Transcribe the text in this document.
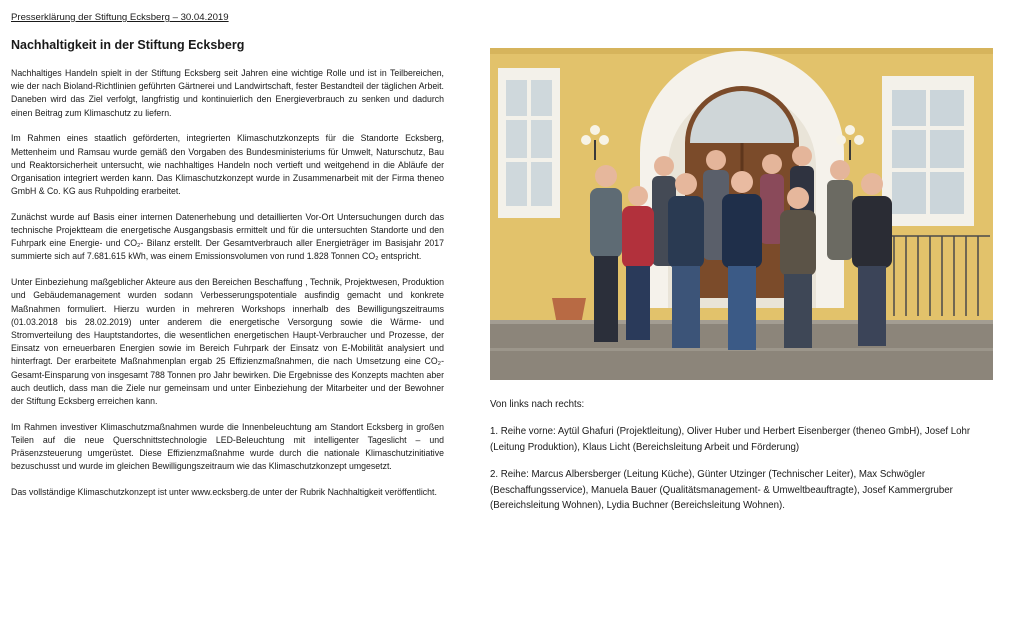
Presserklärung der Stiftung Ecksberg – 30.04.2019
Nachhaltigkeit in der Stiftung Ecksberg

Nachhaltiges Handeln spielt in der Stiftung Ecksberg seit Jahren eine wichtige Rolle und ist in Teilbereichen, wie der nach Bioland-Richtlinien geführten Gärtnerei und Landwirtschaft, fester Bestandteil der täglichen Arbeit. Daneben wird das Ziel verfolgt, langfristig und kontinuierlich den Energieverbrauch zu senken und dadurch einen Beitrag zum Klimaschutz zu liefern.

Im Rahmen eines staatlich geförderten, integrierten Klimaschutzkonzepts für die Standorte Ecksberg, Mettenheim und Ramsau wurde gemäß den Vorgaben des Bundesministeriums für Umwelt, Naturschutz, Bau und Reaktorsicherheit untersucht, wie nachhaltiges Handeln noch vertieft und weitgehend in die Abläufe der Organisation integriert werden kann. Das Klimaschutzkonzept wurde in Zusammenarbeit mit der Firma theneo GmbH & Co. KG aus Ruhpolding erarbeitet.

Zunächst wurde auf Basis einer internen Datenerhebung und detaillierten Vor-Ort Untersuchungen durch das technische Projektteam die energetische Ausgangsbasis ermittelt und für die untersuchten Standorte und den Fuhrpark eine Energie- und CO₂- Bilanz erstellt. Der Gesamtverbrauch aller Energieträger im Basisjahr 2017 summierte sich auf 7.681.615 kWh, was einem Emissionsvolumen von rund 1.828 Tonnen CO₂ entspricht.

Unter Einbeziehung maßgeblicher Akteure aus den Bereichen Beschaffung , Technik, Projektwesen, Produktion und Gebäudemanagement wurden sodann Verbesserungspotentiale ausfindig gemacht und konkrete Maßnahmen formuliert. Hierzu wurden in mehreren Workshops innerhalb des Bewilligungszeitraums (01.03.2018 bis 28.02.2019) unter anderem die energetische Versorgung sowie die Wärme- und Stromverteilung des Hauptstandortes, die wesentlichen energetischen Haupt-Verbraucher und Prozesse, der Einsatz von erneuerbaren Energien sowie im Bereich Fuhrpark der Einsatz von E-Mobilität analysiert und hinterfragt. Der erarbeitete Maßnahmenplan ergab 25 Effizienzmaßnahmen, die nach Umsetzung eine CO₂-Gesamt-Einsparung von insgesamt 788 Tonnen pro Jahr bewirken. Die Ergebnisse des Konzepts machten aber auch deutlich, dass man die Ziele nur gemeinsam und unter Einbeziehung der Mitarbeiter und der Bewohner der Stiftung Ecksberg erreichen kann.

Im Rahmen investiver Klimaschutzmaßnahmen wurde die Innenbeleuchtung am Standort Ecksberg in großen Teilen auf die neue Querschnittstechnologie LED-Beleuchtung mit intelligenter Tageslicht – und Präsenzsteuerung umgerüstet. Diese Effizienzmaßnahme wurde durch die nationale Klimaschutzinitiative bezuschusst und wurde im gleichen Bewilligungszeitraum wie das Klimaschutzkonzept umgesetzt.

Das vollständige Klimaschutzkonzept ist unter www.ecksberg.de unter der Rubrik Nachhaltigkeit veröffentlicht.

Von links nach rechts:

1. Reihe vorne: Aytül Ghafuri (Projektleitung), Oliver Huber und Herbert Eisenberger (theneo GmbH), Josef Lohr (Leitung Produktion), Klaus Licht (Bereichsleitung Arbeit und Förderung)

2. Reihe: Marcus Albersberger (Leitung Küche), Günter Utzinger (Technischer Leiter), Max Schwögler (Beschaffungsservice), Manuela Bauer (Qualitätsmanagement- & Umweltbeauftragte), Josef Kammergruber (Bereichsleitung Wohnen), Lydia Buchner (Bereichsleitung Wohnen).
